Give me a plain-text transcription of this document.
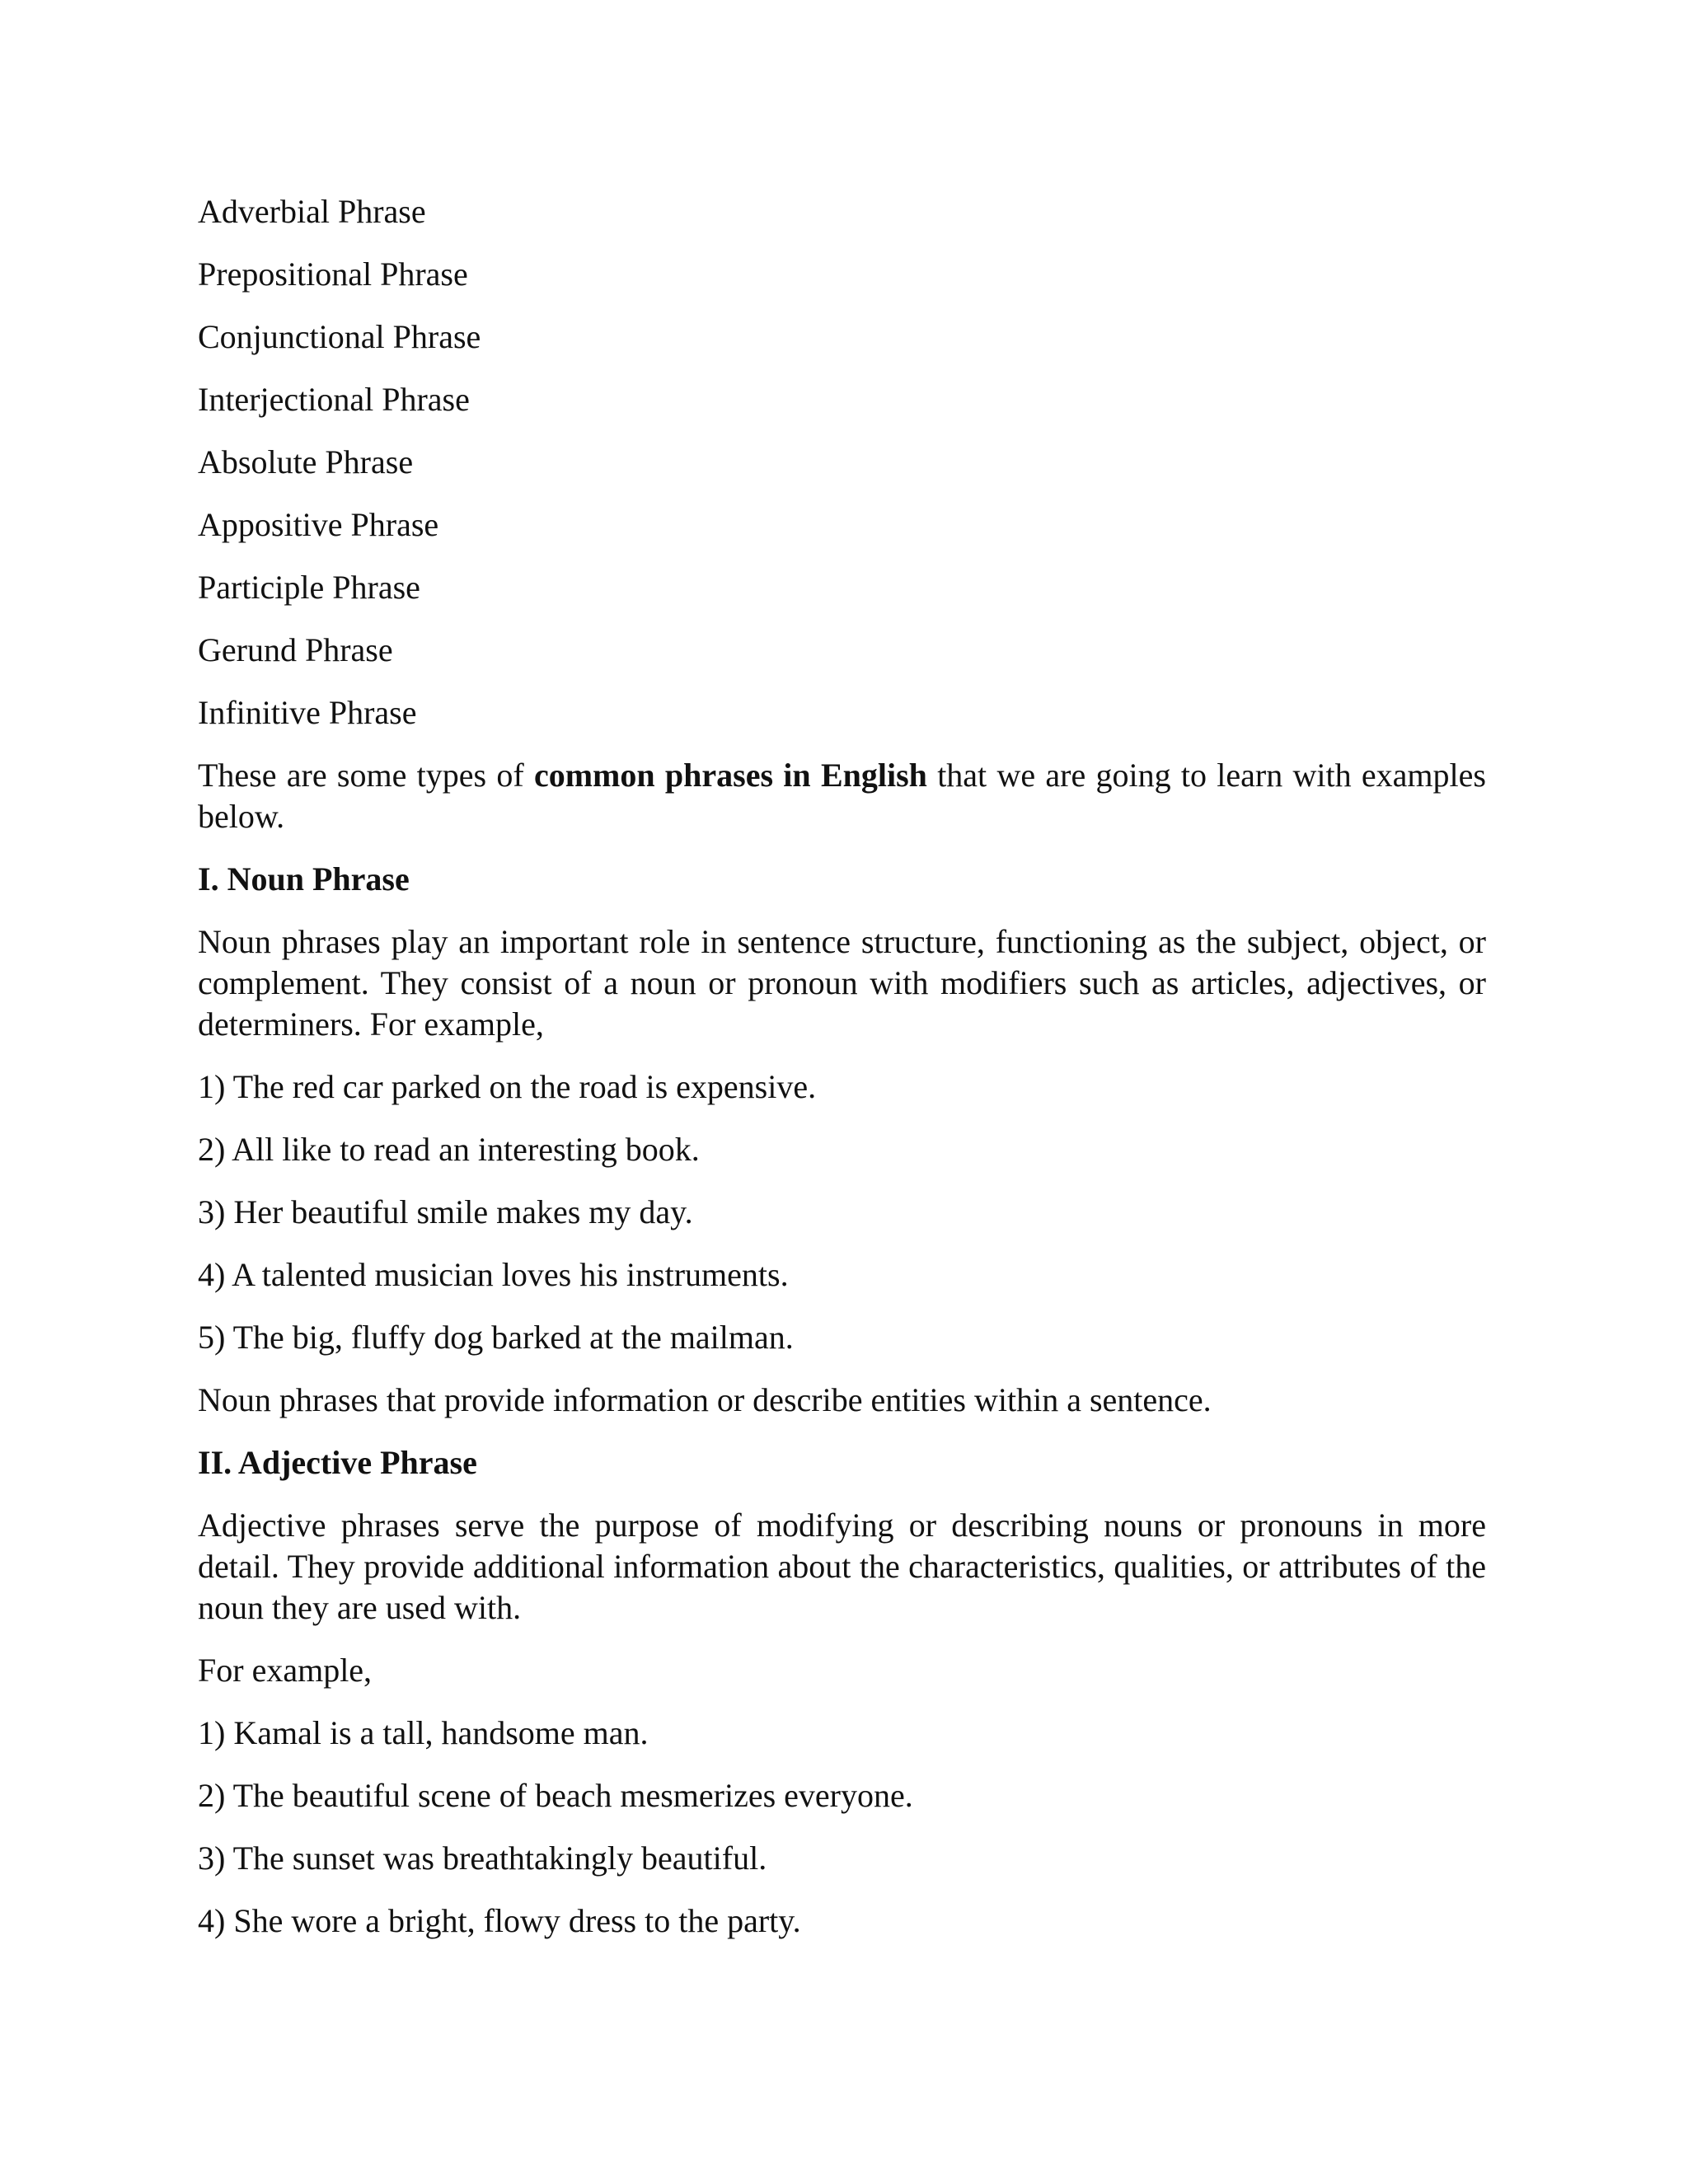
Adverbial Phrase

Prepositional Phrase

Conjunctional Phrase

Interjectional Phrase

Absolute Phrase

Appositive Phrase

Participle Phrase

Gerund Phrase

Infinitive Phrase

These are some types of common phrases in English that we are going to learn with examples below.

I. Noun Phrase

Noun phrases play an important role in sentence structure, functioning as the subject, object, or complement. They consist of a noun or pronoun with modifiers such as articles, adjectives, or determiners. For example,

1) The red car parked on the road is expensive.

2) All like to read an interesting book.

3) Her beautiful smile makes my day.

4) A talented musician loves his instruments.

5) The big, fluffy dog barked at the mailman.

Noun phrases that provide information or describe entities within a sentence.

II. Adjective Phrase

Adjective phrases serve the purpose of modifying or describing nouns or pronouns in more detail. They provide additional information about the characteristics, qualities, or attributes of the noun they are used with.

For example,

1) Kamal is a tall, handsome man.

2) The beautiful scene of beach mesmerizes everyone.

3) The sunset was breathtakingly beautiful.

4) She wore a bright, flowy dress to the party.
